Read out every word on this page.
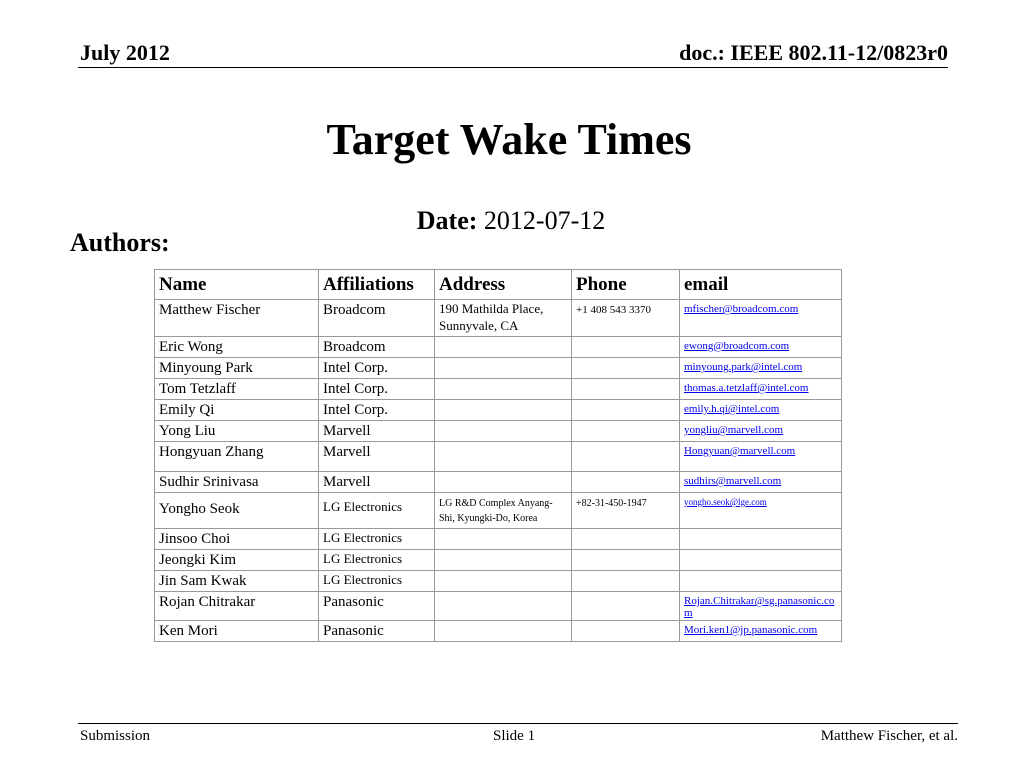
July 2012	doc.: IEEE 802.11-12/0823r0
Target Wake Times
Date: 2012-07-12
Authors:
Name	Affiliations	Address	Phone	email
Matthew Fischer	Broadcom	190 Mathilda Place, Sunnyvale, CA	+1 408 543 3370	mfischer@broadcom.com
Eric Wong	Broadcom			ewong@broadcom.com
Minyoung Park	Intel Corp.			minyoung.park@intel.com
Tom Tetzlaff	Intel Corp.			thomas.a.tetzlaff@intel.com
Emily Qi	Intel Corp.			emily.h.qi@intel.com
Yong Liu	Marvell			yongliu@marvell.com
Hongyuan Zhang	Marvell			Hongyuan@marvell.com
Sudhir Srinivasa	Marvell			sudhirs@marvell.com
Yongho Seok	LG Electronics	LG R&D Complex Anyang-Shi, Kyungki-Do, Korea	+82-31-450-1947	yongho.seok@lge.com
Jinsoo Choi	LG Electronics			
Jeongki Kim	LG Electronics			
Jin Sam Kwak	LG Electronics			
Rojan Chitrakar	Panasonic			Rojan.Chitrakar@sg.panasonic.com
Ken Mori	Panasonic			Mori.ken1@jp.panasonic.com
Submission	Slide 1	Matthew Fischer, et al.
